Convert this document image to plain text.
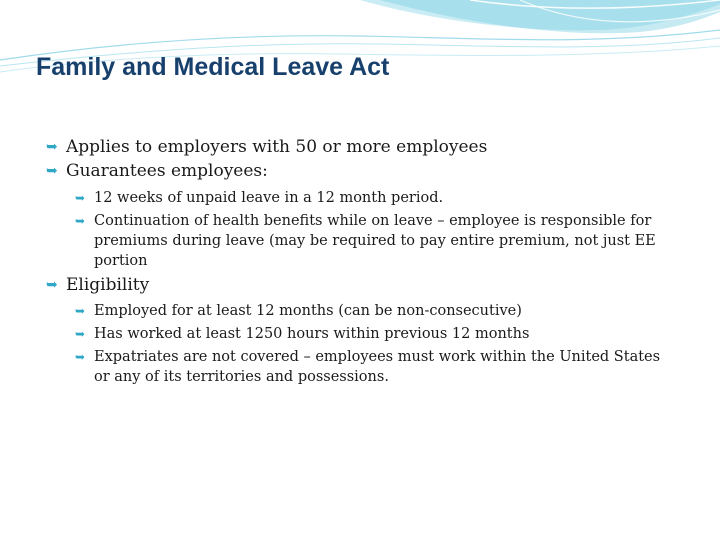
Family and Medical Leave Act

➥ Applies to employers with 50 or more employees

➥ Guarantees employees:

➥ 12 weeks of unpaid leave in a 12 month period.

➥ Continuation of health benefits while on leave – employee is responsible for premiums during leave (may be required to pay entire premium, not just EE portion

➥ Eligibility

➥ Employed for at least 12 months (can be non-consecutive)

➥ Has worked at least 1250 hours within previous 12 months

➥ Expatriates are not covered – employees must work within the United States or any of its territories and possessions.
